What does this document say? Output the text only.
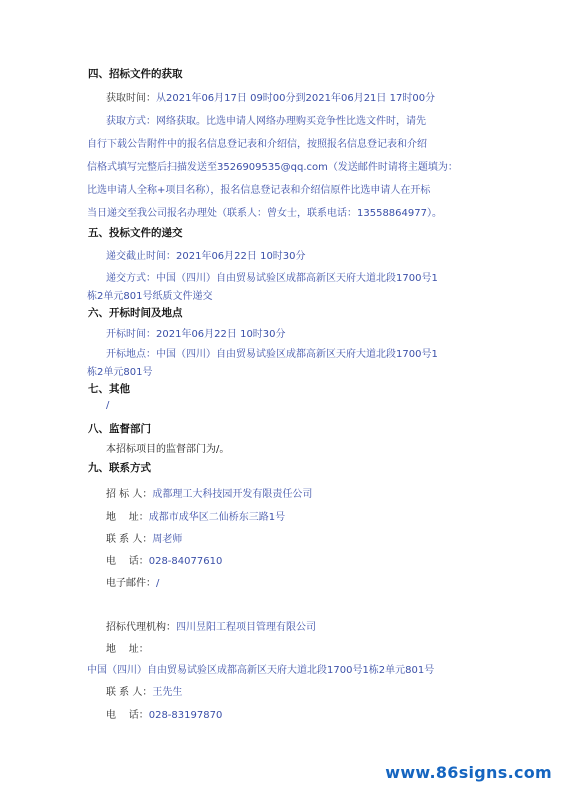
四、招标文件的获取
获取时间：从2021年06月17日 09时00分到2021年06月21日 17时00分
获取方式：网络获取。比选申请人网络办理购买竞争性比选文件时，请先
自行下载公告附件中的报名信息登记表和介绍信，按照报名信息登记表和介绍
信格式填写完整后扫描发送至3526909535@qq.com（发送邮件时请将主题填为：
比选申请人全称+项目名称），报名信息登记表和介绍信原件比选申请人在开标
当日递交至我公司报名办理处（联系人：曾女士，联系电话：13558864977）。
五、投标文件的递交
递交截止时间：2021年06月22日 10时30分
递交方式：中国（四川）自由贸易试验区成都高新区天府大道北段1700号1
栋2单元801号纸质文件递交
六、开标时间及地点
开标时间：2021年06月22日 10时30分
开标地点：中国（四川）自由贸易试验区成都高新区天府大道北段1700号1
栋2单元801号
七、其他
/
八、监督部门
本招标项目的监督部门为/。
九、联系方式
招 标 人：成都理工大科技园开发有限责任公司
地    址：成都市成华区二仙桥东三路1号
联 系 人：周老师
电    话：028-84077610
电子邮件：/
招标代理机构：四川昱阳工程项目管理有限公司
地    址：
中国（四川）自由贸易试验区成都高新区天府大道北段1700号1栋2单元801号
联 系 人：王先生
电    话：028-83197870
www.86signs.com
